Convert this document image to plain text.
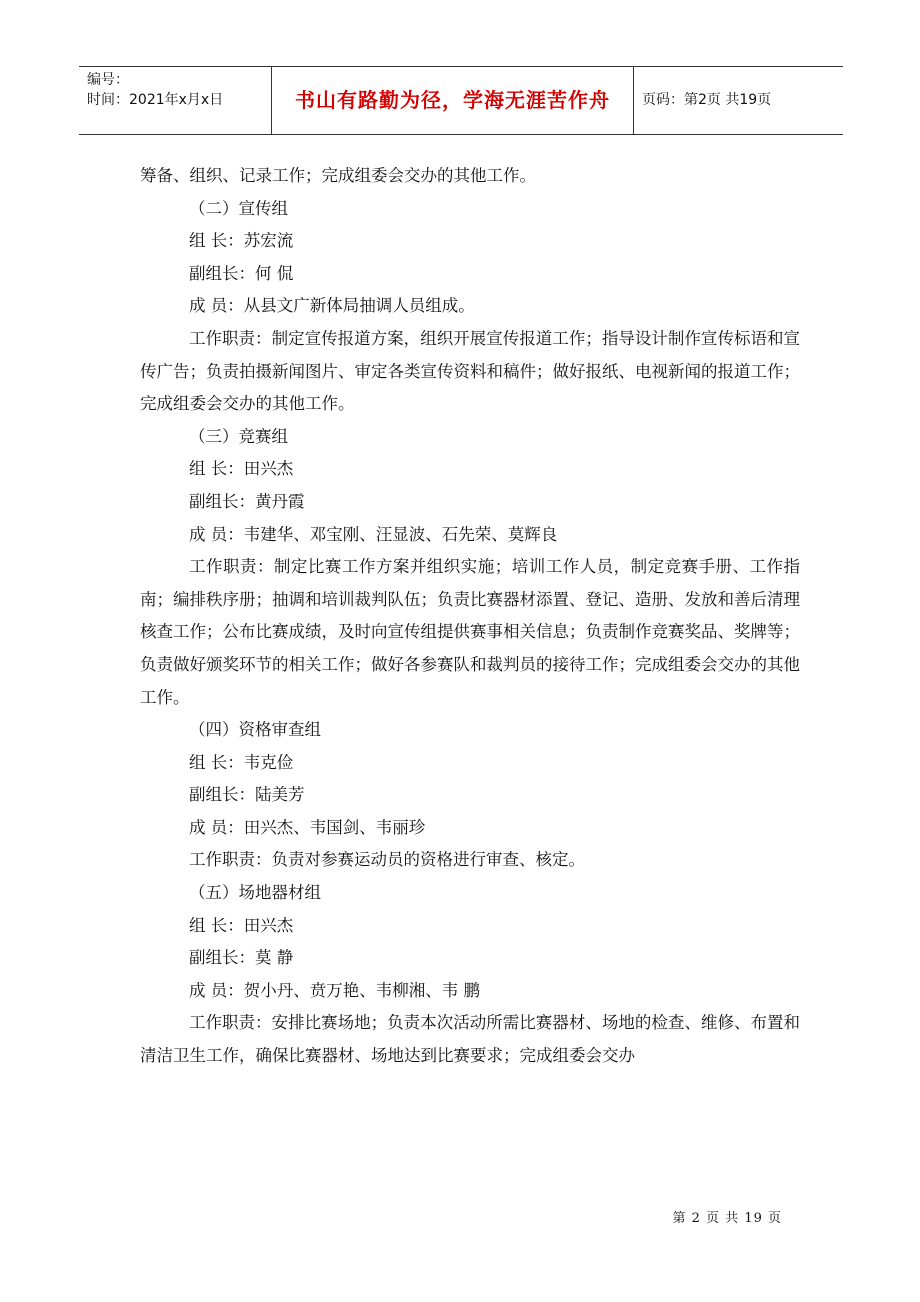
编号：
时间：2021年x月x日	书山有路勤为径，学海无涯苦作舟	页码：第2页 共19页

筹备、组织、记录工作；完成组委会交办的其他工作。

（二）宣传组

组 长：苏宏流

副组长：何 侃

成 员：从县文广新体局抽调人员组成。

工作职责：制定宣传报道方案，组织开展宣传报道工作；指导设计制作宣传标语和宣传广告；负责拍摄新闻图片、审定各类宣传资料和稿件；做好报纸、电视新闻的报道工作；完成组委会交办的其他工作。

（三）竞赛组

组 长：田兴杰

副组长：黄丹霞

成 员：韦建华、邓宝刚、汪显波、石先荣、莫辉良

工作职责：制定比赛工作方案并组织实施；培训工作人员，制定竞赛手册、工作指南；编排秩序册；抽调和培训裁判队伍；负责比赛器材添置、登记、造册、发放和善后清理核查工作；公布比赛成绩，及时向宣传组提供赛事相关信息；负责制作竞赛奖品、奖牌等；负责做好颁奖环节的相关工作；做好各参赛队和裁判员的接待工作；完成组委会交办的其他工作。

（四）资格审查组

组 长：韦克俭

副组长：陆美芳

成 员：田兴杰、韦国剑、韦丽珍

工作职责：负责对参赛运动员的资格进行审查、核定。

（五）场地器材组

组 长：田兴杰

副组长：莫 静

成 员：贺小丹、贲万艳、韦柳湘、韦 鹏

工作职责：安排比赛场地；负责本次活动所需比赛器材、场地的检查、维修、布置和清洁卫生工作，确保比赛器材、场地达到比赛要求；完成组委会交办

第 2 页 共 19 页
